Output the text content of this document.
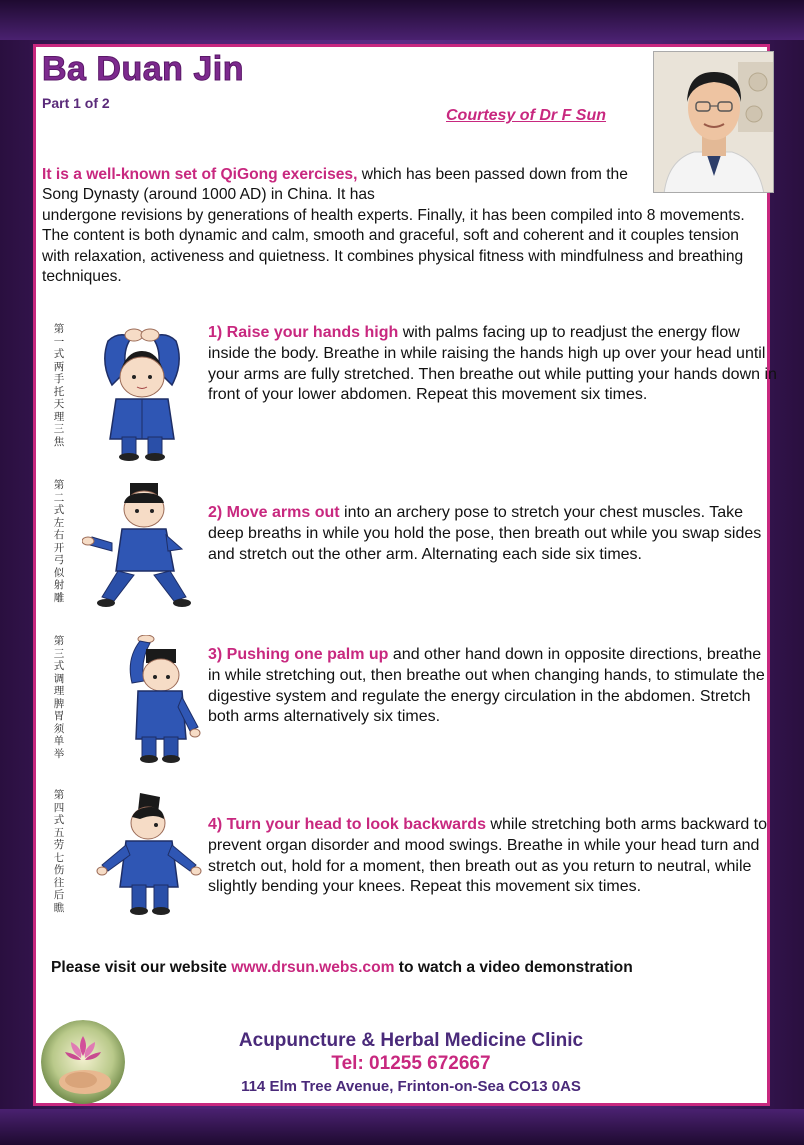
Ba Duan Jin
Part 1 of 2
Courtesy of Dr F Sun

It is a well-known set of QiGong exercises, which has been passed down from the Song Dynasty (around 1000 AD) in China. It has
undergone revisions by generations of health experts. Finally, it has been compiled into 8 movements. The content is both dynamic and calm, smooth and graceful, soft and coherent and it couples tension with relaxation, activeness and quietness. It combines physical fitness with mindfulness and breathing techniques.

第一式 两手托天理三焦

1) Raise your hands high with palms facing up to readjust the energy flow inside the body. Breathe in while raising the hands high up over your head until your arms are fully stretched. Then breathe out while putting your hands down in front of your lower abdomen. Repeat this movement six times.

第二式 左右开弓似射雕

2) Move arms out into an archery pose to stretch your chest muscles. Take deep breaths in while you hold the pose, then breath out while you swap sides and stretch out the other arm. Alternating each side six times.

第三式 调理脾胃须单举

3) Pushing one palm up and other hand down in opposite directions, breathe in while stretching out, then breathe out when changing hands, to stimulate the digestive system and regulate the energy circulation in the abdomen. Stretch both arms alternatively six times.

第四式 五劳七伤往后瞧

4) Turn your head to look backwards while stretching both arms backward to prevent organ disorder and mood swings. Breathe in while your head turn and stretch out, hold for a moment, then breath out as you return to neutral, while slightly bending your knees. Repeat this movement six times.

Please visit our website www.drsun.webs.com to watch a video demonstration
Acupuncture & Herbal Medicine Clinic
Tel: 01255 672667
114 Elm Tree Avenue, Frinton-on-Sea CO13 0AS
